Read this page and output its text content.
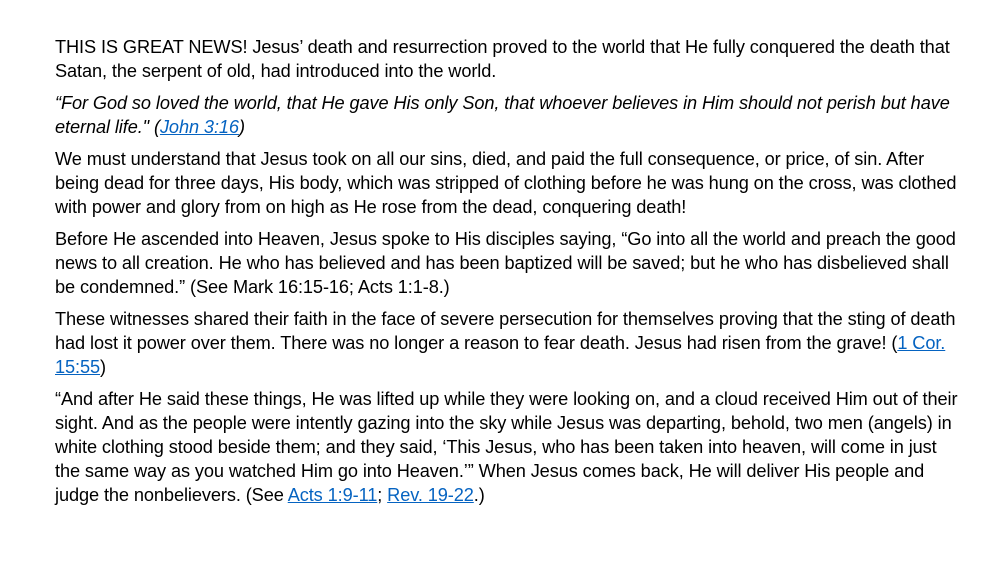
THIS IS GREAT NEWS! Jesus’ death and resurrection proved to the world that He fully conquered the death that Satan, the serpent of old, had introduced into the world.

“For God so loved the world, that He gave His only Son, that whoever believes in Him should not perish but have eternal life." (John 3:16)

We must understand that Jesus took on all our sins, died, and paid the full consequence, or price, of sin. After being dead for three days, His body, which was stripped of clothing before he was hung on the cross, was clothed with power and glory from on high as He rose from the dead, conquering death!

Before He ascended into Heaven, Jesus spoke to His disciples saying, “Go into all the world and preach the good news to all creation. He who has believed and has been baptized will be saved; but he who has disbelieved shall be condemned.” (See Mark 16:15-16; Acts 1:1-8.)

These witnesses shared their faith in the face of severe persecution for themselves proving that the sting of death had lost it power over them. There was no longer a reason to fear death. Jesus had risen from the grave! (1 Cor. 15:55)

“And after He said these things, He was lifted up while they were looking on, and a cloud received Him out of their sight. And as the people were intently gazing into the sky while Jesus was departing, behold, two men (angels) in white clothing stood beside them; and they said, ‘This Jesus, who has been taken into heaven, will come in just the same way as you watched Him go into Heaven.’” When Jesus comes back, He will deliver His people and judge the nonbelievers. (See Acts 1:9-11; Rev. 19-22.)
